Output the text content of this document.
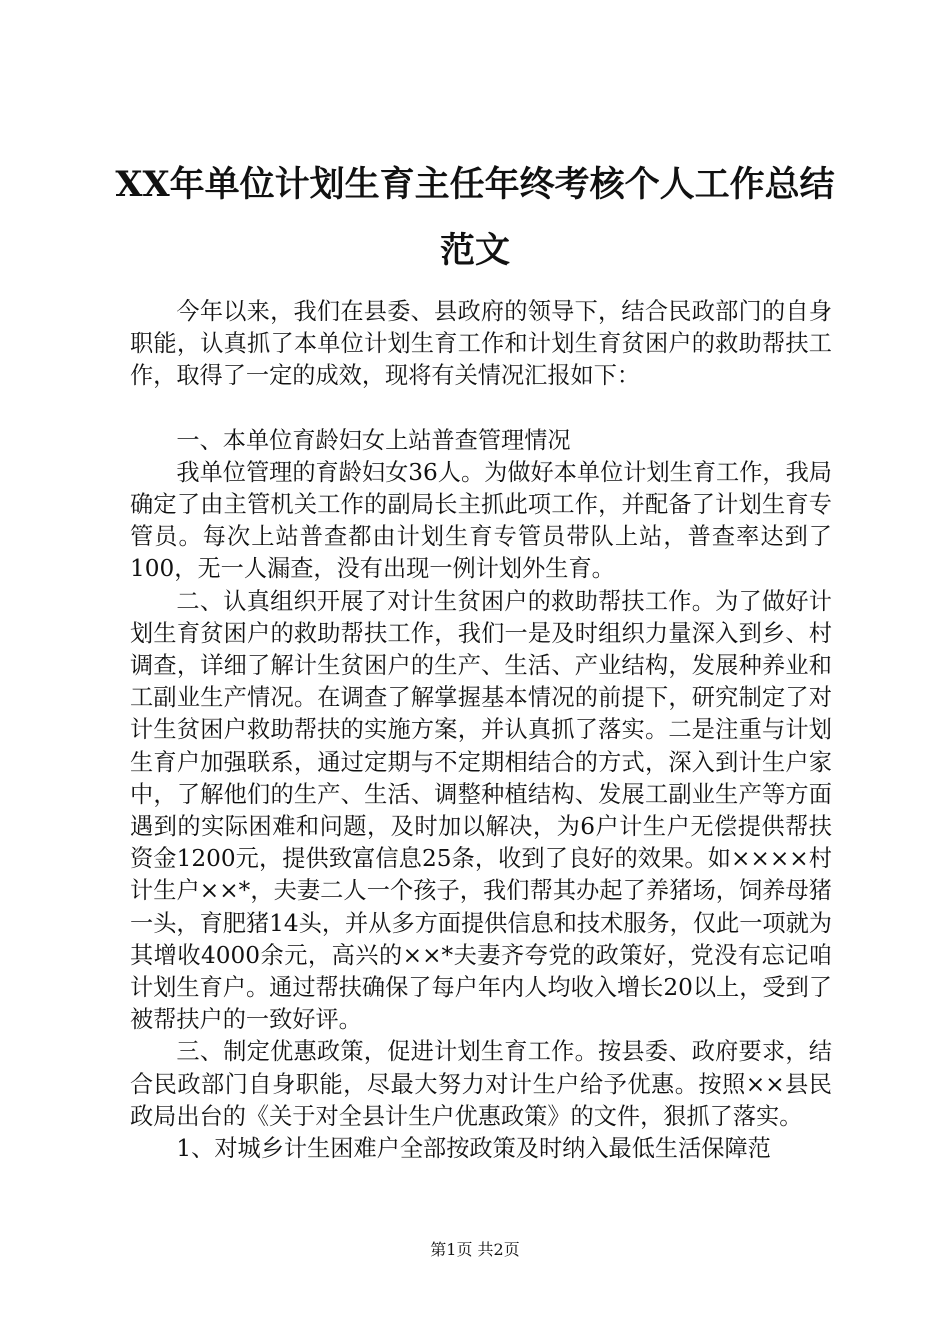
XX年单位计划生育主任年终考核个人工作总结范文

今年以来，我们在县委、县政府的领导下，结合民政部门的自身职能，认真抓了本单位计划生育工作和计划生育贫困户的救助帮扶工作，取得了一定的成效，现将有关情况汇报如下：

一、本单位育龄妇女上站普查管理情况

我单位管理的育龄妇女36人。为做好本单位计划生育工作，我局确定了由主管机关工作的副局长主抓此项工作，并配备了计划生育专管员。每次上站普查都由计划生育专管员带队上站，普查率达到了100，无一人漏查，没有出现一例计划外生育。

二、认真组织开展了对计生贫困户的救助帮扶工作。为了做好计划生育贫困户的救助帮扶工作，我们一是及时组织力量深入到乡、村调查，详细了解计生贫困户的生产、生活、产业结构，发展种养业和工副业生产情况。在调查了解掌握基本情况的前提下，研究制定了对计生贫困户救助帮扶的实施方案，并认真抓了落实。二是注重与计划生育户加强联系，通过定期与不定期相结合的方式，深入到计生户家中，了解他们的生产、生活、调整种植结构、发展工副业生产等方面遇到的实际困难和问题，及时加以解决，为6户计生户无偿提供帮扶资金1200元，提供致富信息25条，收到了良好的效果。如××××村计生户××*，夫妻二人一个孩子，我们帮其办起了养猪场，饲养母猪一头，育肥猪14头，并从多方面提供信息和技术服务，仅此一项就为其增收4000余元，高兴的××*夫妻齐夸党的政策好，党没有忘记咱计划生育户。通过帮扶确保了每户年内人均收入增长20以上，受到了被帮扶户的一致好评。

三、制定优惠政策，促进计划生育工作。按县委、政府要求，结合民政部门自身职能，尽最大努力对计生户给予优惠。按照××县民政局出台的《关于对全县计生户优惠政策》的文件，狠抓了落实。

1、对城乡计生困难户全部按政策及时纳入最低生活保障范

第1页 共2页
